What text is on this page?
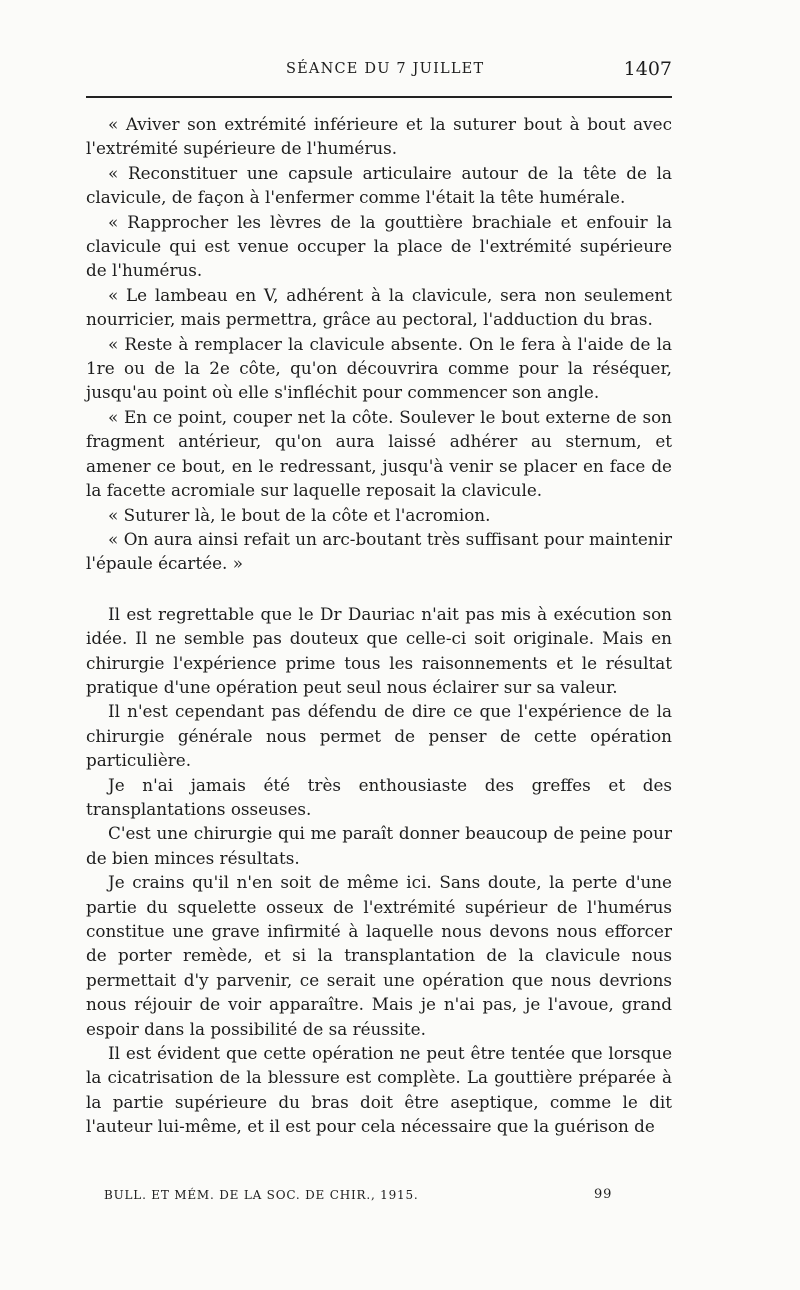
SÉANCE DU 7 JUILLET	1407

« Aviver son extrémité inférieure et la suturer bout à bout avec l'extrémité supérieure de l'humérus.

« Reconstituer une capsule articulaire autour de la tête de la clavicule, de façon à l'enfermer comme l'était la tête humérale.

« Rapprocher les lèvres de la gouttière brachiale et enfouir la clavicule qui est venue occuper la place de l'extrémité supérieure de l'humérus.

« Le lambeau en V, adhérent à la clavicule, sera non seulement nourricier, mais permettra, grâce au pectoral, l'adduction du bras.

« Reste à remplacer la clavicule absente. On le fera à l'aide de la 1re ou de la 2e côte, qu'on découvrira comme pour la réséquer, jusqu'au point où elle s'infléchit pour commencer son angle.

« En ce point, couper net la côte. Soulever le bout externe de son fragment antérieur, qu'on aura laissé adhérer au sternum, et amener ce bout, en le redressant, jusqu'à venir se placer en face de la facette acromiale sur laquelle reposait la clavicule.

« Suturer là, le bout de la côte et l'acromion.

« On aura ainsi refait un arc-boutant très suffisant pour maintenir l'épaule écartée. »

Il est regrettable que le Dr Dauriac n'ait pas mis à exécution son idée. Il ne semble pas douteux que celle-ci soit originale. Mais en chirurgie l'expérience prime tous les raisonnements et le résultat pratique d'une opération peut seul nous éclairer sur sa valeur.

Il n'est cependant pas défendu de dire ce que l'expérience de la chirurgie générale nous permet de penser de cette opération particulière.

Je n'ai jamais été très enthousiaste des greffes et des transplantations osseuses.

C'est une chirurgie qui me paraît donner beaucoup de peine pour de bien minces résultats.

Je crains qu'il n'en soit de même ici. Sans doute, la perte d'une partie du squelette osseux de l'extrémité supérieur de l'humérus constitue une grave infirmité à laquelle nous devons nous efforcer de porter remède, et si la transplantation de la clavicule nous permettait d'y parvenir, ce serait une opération que nous devrions nous réjouir de voir apparaître. Mais je n'ai pas, je l'avoue, grand espoir dans la possibilité de sa réussite.

Il est évident que cette opération ne peut être tentée que lorsque la cicatrisation de la blessure est complète. La gouttière préparée à la partie supérieure du bras doit être aseptique, comme le dit l'auteur lui-même, et il est pour cela nécessaire que la guérison de

BULL. ET MÉM. DE LA SOC. DE CHIR., 1915.	99
